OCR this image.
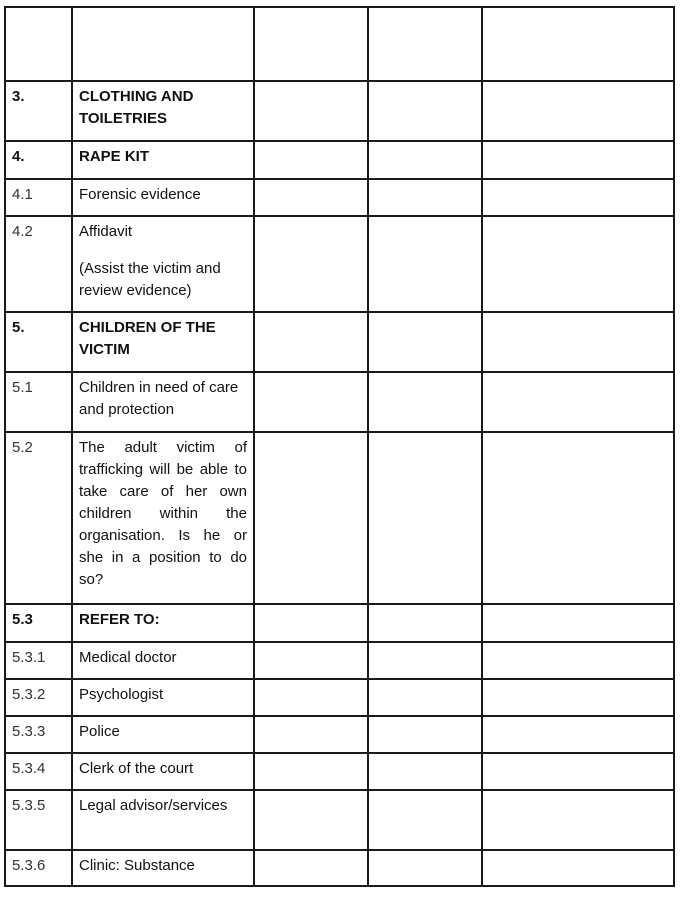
3.	CLOTHING AND TOILETRIES			

4.	RAPE KIT			

4.1	Forensic evidence			

4.2	Affidavit

(Assist the victim and review evidence)			

5.	CHILDREN OF THE VICTIM			

5.1	Children in need of care and protection			

5.2	The adult victim of trafficking will be able to take care of her own children within the organisation. Is he or she in a position to do so?			

5.3	REFER TO:			

5.3.1	Medical doctor			

5.3.2	Psychologist			

5.3.3	Police			

5.3.4	Clerk of the court			

5.3.5	Legal advisor/services			

5.3.6	Clinic: Substance			
